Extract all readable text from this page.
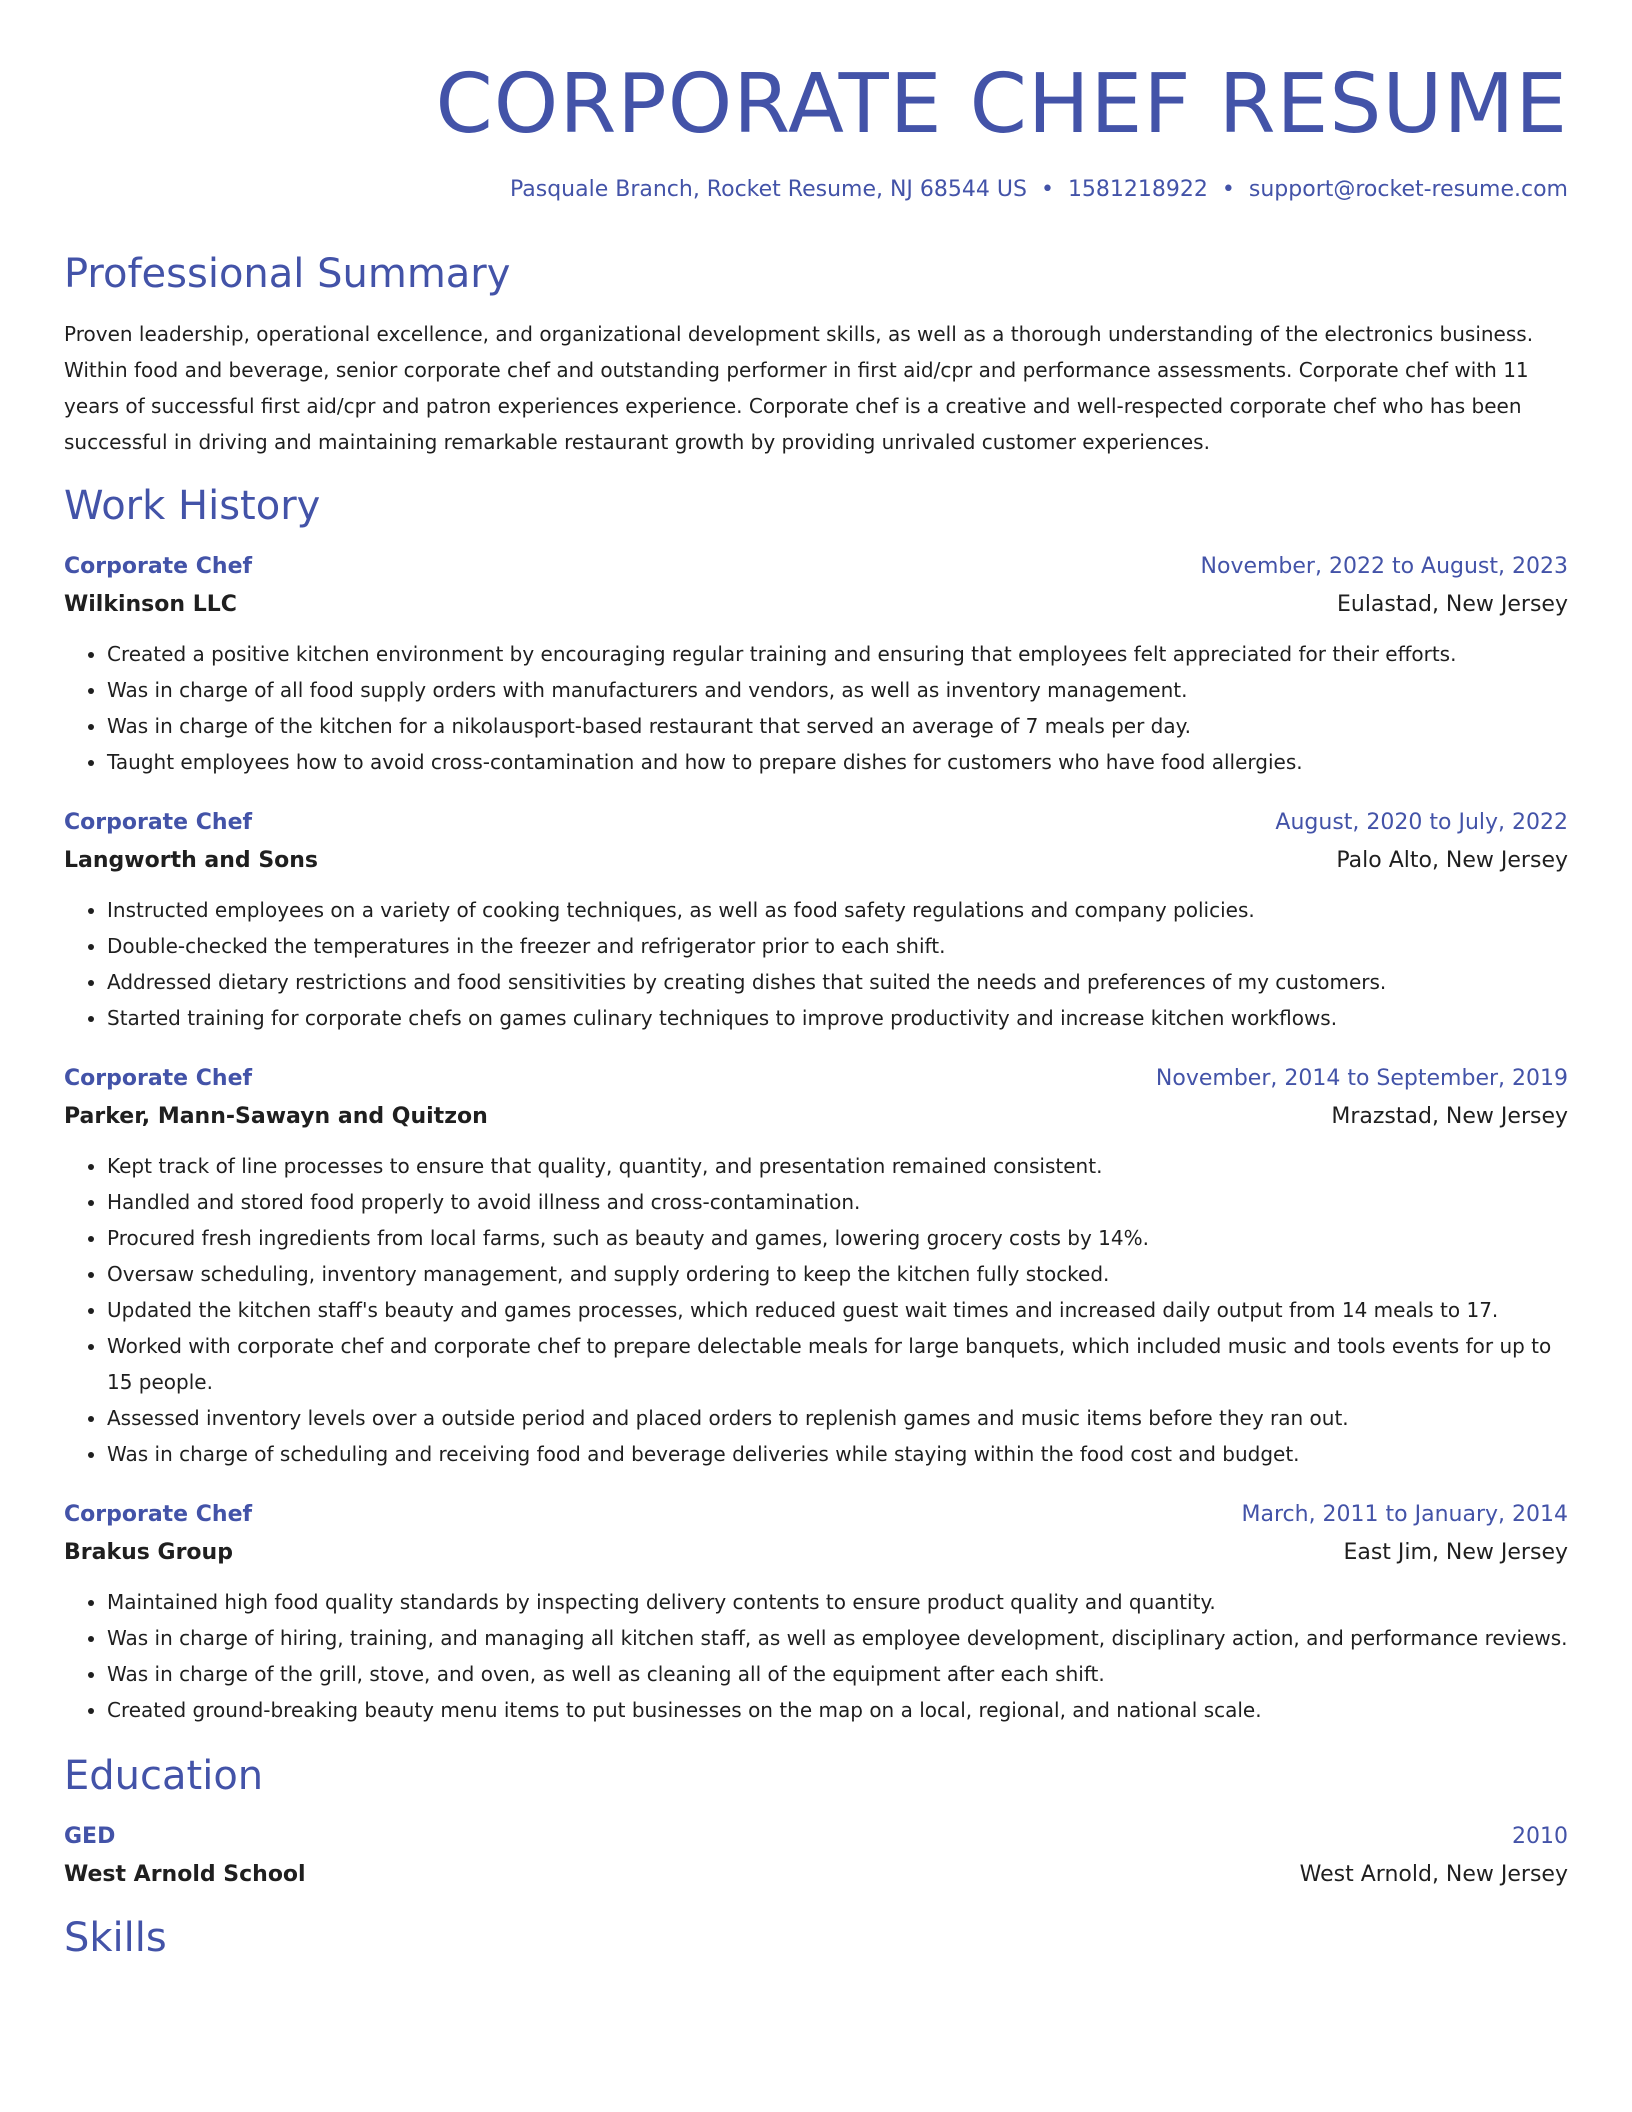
CORPORATE CHEF RESUME
Pasquale Branch, Rocket Resume, NJ 68544 US • 1581218922 • support@rocket-resume.com
Professional Summary

Proven leadership, operational excellence, and organizational development skills, as well as a thorough understanding of the electronics business. Within food and beverage, senior corporate chef and outstanding performer in first aid/cpr and performance assessments. Corporate chef with 11 years of successful first aid/cpr and patron experiences experience. Corporate chef is a creative and well-respected corporate chef who has been successful in driving and maintaining remarkable restaurant growth by providing unrivaled customer experiences.

Work History
Corporate Chef	November, 2022 to August, 2023
Wilkinson LLC	Eulastad, New Jersey
• Created a positive kitchen environment by encouraging regular training and ensuring that employees felt appreciated for their efforts.
• Was in charge of all food supply orders with manufacturers and vendors, as well as inventory management.
• Was in charge of the kitchen for a nikolausport-based restaurant that served an average of 7 meals per day.
• Taught employees how to avoid cross-contamination and how to prepare dishes for customers who have food allergies.
Corporate Chef	August, 2020 to July, 2022
Langworth and Sons	Palo Alto, New Jersey
• Instructed employees on a variety of cooking techniques, as well as food safety regulations and company policies.
• Double-checked the temperatures in the freezer and refrigerator prior to each shift.
• Addressed dietary restrictions and food sensitivities by creating dishes that suited the needs and preferences of my customers.
• Started training for corporate chefs on games culinary techniques to improve productivity and increase kitchen workflows.
Corporate Chef	November, 2014 to September, 2019
Parker, Mann-Sawayn and Quitzon	Mrazstad, New Jersey
• Kept track of line processes to ensure that quality, quantity, and presentation remained consistent.
• Handled and stored food properly to avoid illness and cross-contamination.
• Procured fresh ingredients from local farms, such as beauty and games, lowering grocery costs by 14%.
• Oversaw scheduling, inventory management, and supply ordering to keep the kitchen fully stocked.
• Updated the kitchen staff's beauty and games processes, which reduced guest wait times and increased daily output from 14 meals to 17.
• Worked with corporate chef and corporate chef to prepare delectable meals for large banquets, which included music and tools events for up to 15 people.
• Assessed inventory levels over a outside period and placed orders to replenish games and music items before they ran out.
• Was in charge of scheduling and receiving food and beverage deliveries while staying within the food cost and budget.
Corporate Chef	March, 2011 to January, 2014
Brakus Group	East Jim, New Jersey
• Maintained high food quality standards by inspecting delivery contents to ensure product quality and quantity.
• Was in charge of hiring, training, and managing all kitchen staff, as well as employee development, disciplinary action, and performance reviews.
• Was in charge of the grill, stove, and oven, as well as cleaning all of the equipment after each shift.
• Created ground-breaking beauty menu items to put businesses on the map on a local, regional, and national scale.
Education
GED	2010
West Arnold School	West Arnold, New Jersey
Skills
